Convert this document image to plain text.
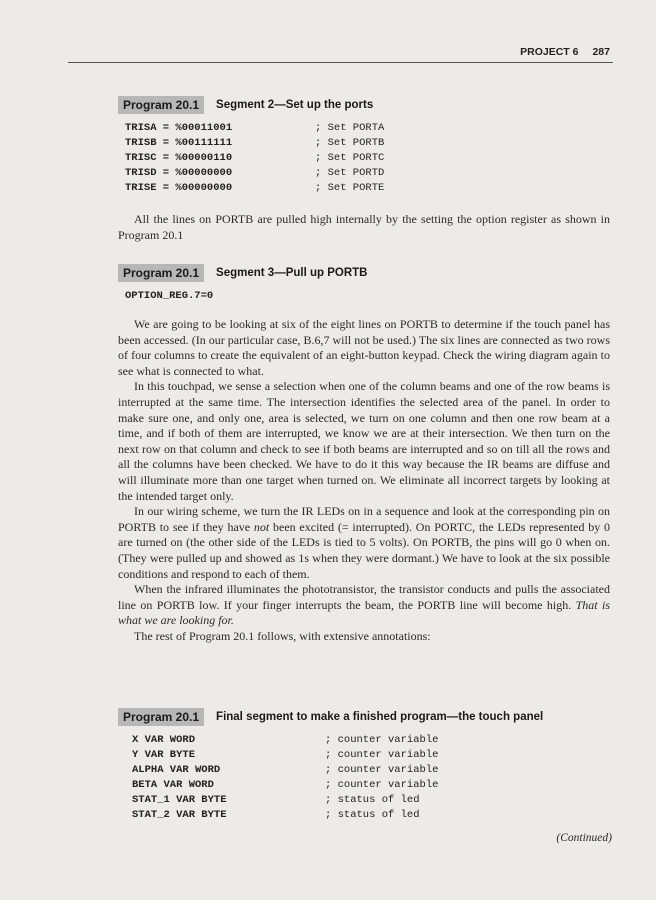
PROJECT 6 287
Program 20.1	Segment 2—Set up the ports
TRISA = %00011001	; Set PORTA
TRISB = %00111111	; Set PORTB
TRISC = %00000110	; Set PORTC
TRISD = %00000000	; Set PORTD
TRISE = %00000000	; Set PORTE

All the lines on PORTB are pulled high internally by the setting the option register as shown in Program 20.1

Program 20.1	Segment 3—Pull up PORTB
OPTION_REG.7=0

We are going to be looking at six of the eight lines on PORTB to determine if the touch panel has been accessed. (In our particular case, B.6,7 will not be used.) The six lines are connected as two rows of four columns to create the equivalent of an eight-button keypad. Check the wiring diagram again to see what is connected to what.

In this touchpad, we sense a selection when one of the column beams and one of the row beams is interrupted at the same time. The intersection identifies the selected area of the panel. In order to make sure one, and only one, area is selected, we turn on one column and then one row beam at a time, and if both of them are interrupted, we know we are at their intersection. We then turn on the next row on that column and check to see if both beams are interrupted and so on till all the rows and all the columns have been checked. We have to do it this way because the IR beams are diffuse and will illuminate more than one target when turned on. We eliminate all incorrect targets by looking at the intended target only.

In our wiring scheme, we turn the IR LEDs on in a sequence and look at the corresponding pin on PORTB to see if they have not been excited (= interrupted). On PORTC, the LEDs represented by 0 are turned on (the other side of the LEDs is tied to 5 volts). On PORTB, the pins will go 0 when on. (They were pulled up and showed as 1s when they were dormant.) We have to look at the six possible conditions and respond to each of them.

When the infrared illuminates the phototransistor, the transistor conducts and pulls the associated line on PORTB low. If your finger interrupts the beam, the PORTB line will become high. That is what we are looking for.

The rest of Program 20.1 follows, with extensive annotations:

Program 20.1	Final segment to make a finished program—the touch panel
X VAR WORD	; counter variable
Y VAR BYTE	; counter variable
ALPHA VAR WORD	; counter variable
BETA VAR WORD	; counter variable
STAT_1 VAR BYTE	; status of led
STAT_2 VAR BYTE	; status of led
(Continued)
